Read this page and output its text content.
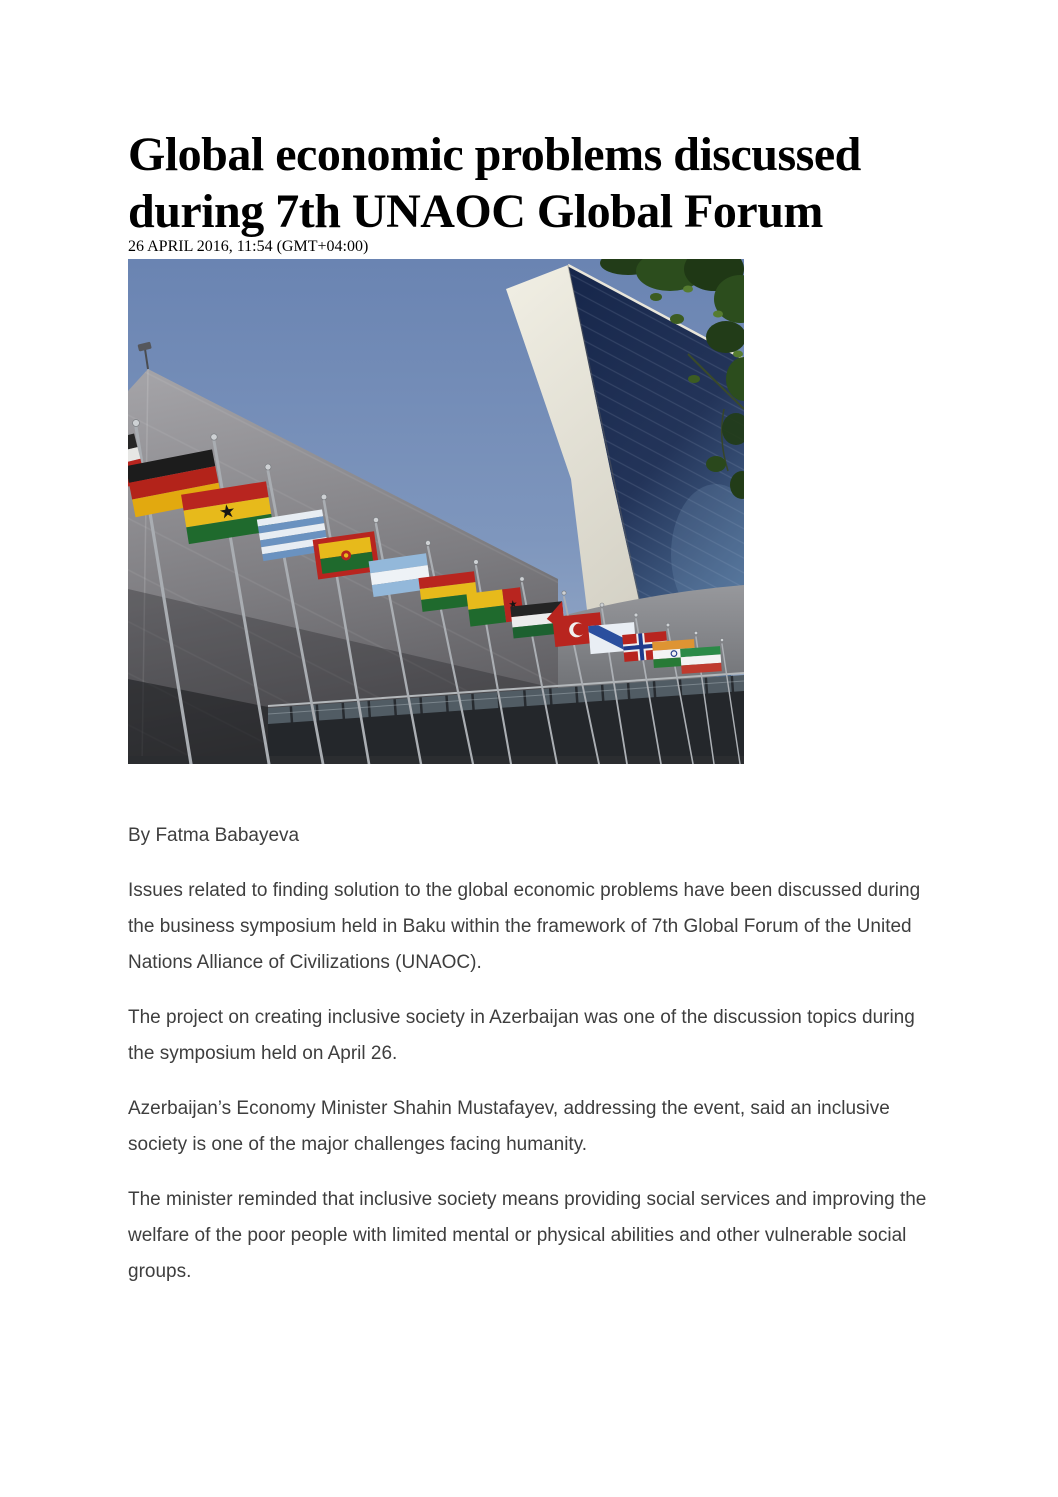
Global economic problems discussed during 7th UNAOC Global Forum
26 APRIL 2016, 11:54 (GMT+04:00)

By Fatma Babayeva

Issues related to finding solution to the global economic problems have been discussed during the business symposium held in Baku within the framework of 7th Global Forum of the United Nations Alliance of Civilizations (UNAOC).

The project on creating inclusive society in Azerbaijan was one of the discussion topics during the symposium held on April 26.

Azerbaijan’s Economy Minister Shahin Mustafayev, addressing the event, said an inclusive society is one of the major challenges facing humanity.

The minister reminded that inclusive society means providing social services and improving the welfare of the poor people with limited mental or physical abilities and other vulnerable social groups.
